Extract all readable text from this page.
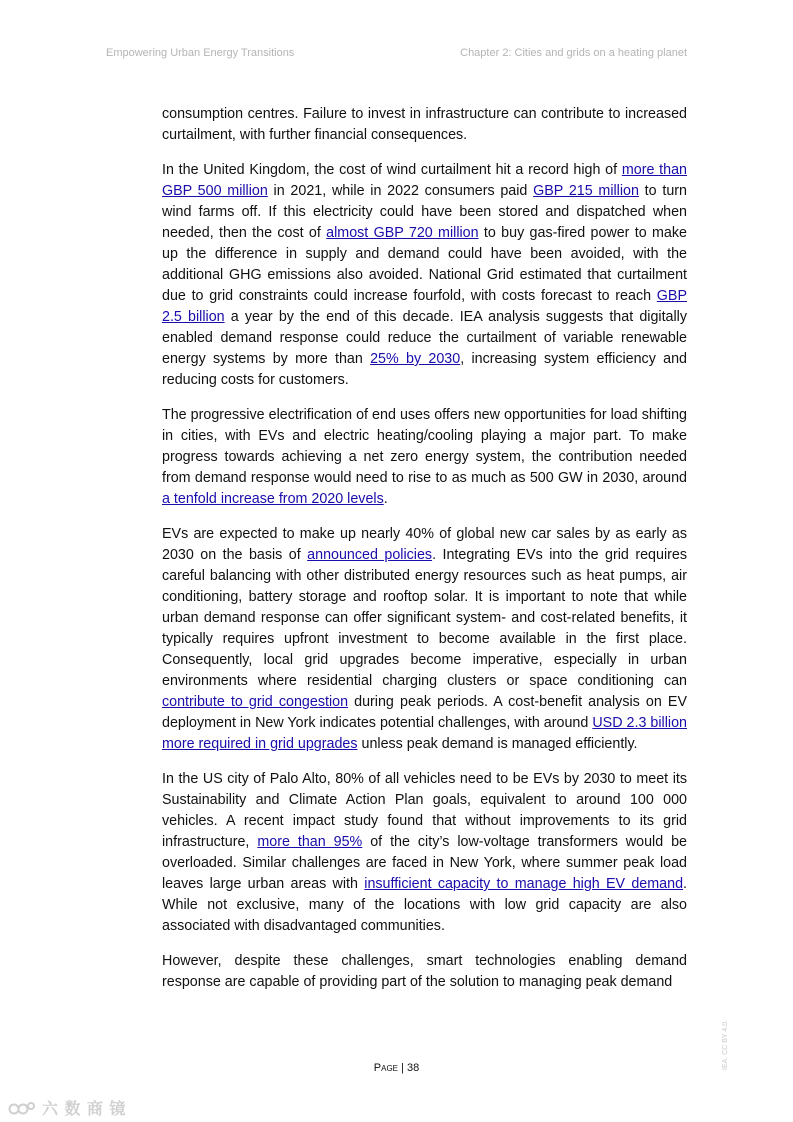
Empowering Urban Energy Transitions	Chapter 2: Cities and grids on a heating planet

consumption centres. Failure to invest in infrastructure can contribute to increased curtailment, with further financial consequences.

In the United Kingdom, the cost of wind curtailment hit a record high of more than GBP 500 million in 2021, while in 2022 consumers paid GBP 215 million to turn wind farms off. If this electricity could have been stored and dispatched when needed, then the cost of almost GBP 720 million to buy gas-fired power to make up the difference in supply and demand could have been avoided, with the additional GHG emissions also avoided. National Grid estimated that curtailment due to grid constraints could increase fourfold, with costs forecast to reach GBP 2.5 billion a year by the end of this decade. IEA analysis suggests that digitally enabled demand response could reduce the curtailment of variable renewable energy systems by more than 25% by 2030, increasing system efficiency and reducing costs for customers.

The progressive electrification of end uses offers new opportunities for load shifting in cities, with EVs and electric heating/cooling playing a major part. To make progress towards achieving a net zero energy system, the contribution needed from demand response would need to rise to as much as 500 GW in 2030, around a tenfold increase from 2020 levels.

EVs are expected to make up nearly 40% of global new car sales by as early as 2030 on the basis of announced policies. Integrating EVs into the grid requires careful balancing with other distributed energy resources such as heat pumps, air conditioning, battery storage and rooftop solar. It is important to note that while urban demand response can offer significant system- and cost-related benefits, it typically requires upfront investment to become available in the first place. Consequently, local grid upgrades become imperative, especially in urban environments where residential charging clusters or space conditioning can contribute to grid congestion during peak periods. A cost-benefit analysis on EV deployment in New York indicates potential challenges, with around USD 2.3 billion more required in grid upgrades unless peak demand is managed efficiently.

In the US city of Palo Alto, 80% of all vehicles need to be EVs by 2030 to meet its Sustainability and Climate Action Plan goals, equivalent to around 100 000 vehicles. A recent impact study found that without improvements to its grid infrastructure, more than 95% of the city’s low-voltage transformers would be overloaded. Similar challenges are faced in New York, where summer peak load leaves large urban areas with insufficient capacity to manage high EV demand. While not exclusive, many of the locations with low grid capacity are also associated with disadvantaged communities.

However, despite these challenges, smart technologies enabling demand response are capable of providing part of the solution to managing peak demand

Page | 38	IEA. CC BY 4.0.
六 数 商 镜
